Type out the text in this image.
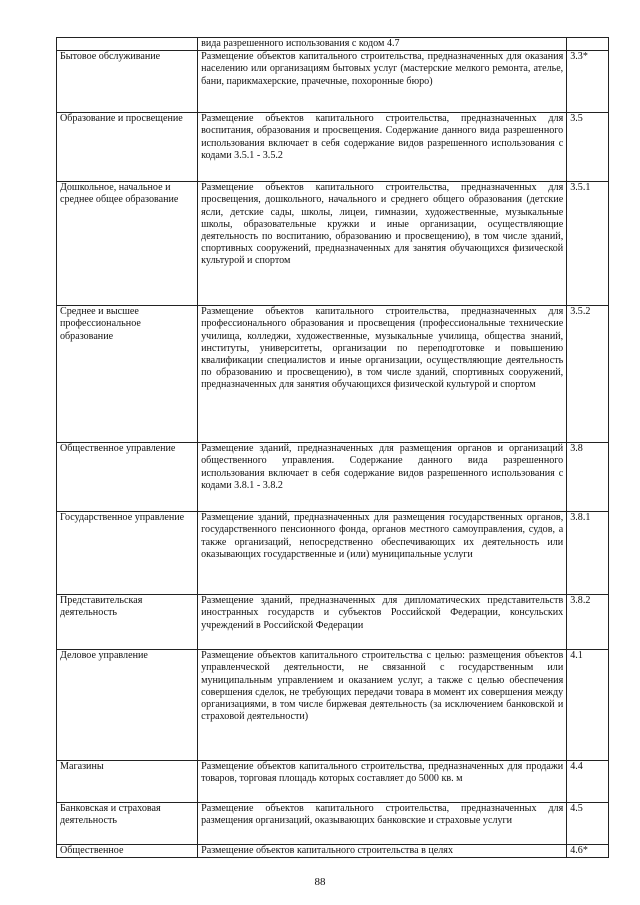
	вида разрешенного использования с кодом 4.7	
Бытовое обслуживание	Размещение объектов капитального строительства, предназначенных для оказания населению или организациям бытовых услуг (мастерские мелкого ремонта, ателье, бани, парикмахерские, прачечные, похоронные бюро)	3.3*
Образование и просвещение	Размещение объектов капитального строительства, предназначенных для воспитания, образования и просвещения. Содержание данного вида разрешенного использования включает в себя содержание видов разрешенного использования с кодами 3.5.1 - 3.5.2	3.5
Дошкольное, начальное и среднее общее образование	Размещение объектов капитального строительства, предназначенных для просвещения, дошкольного, начального и среднего общего образования (детские ясли, детские сады, школы, лицеи, гимназии, художественные, музыкальные школы, образовательные кружки и иные организации, осуществляющие деятельность по воспитанию, образованию и просвещению), в том числе зданий, спортивных сооружений, предназначенных для занятия обучающихся физической культурой и спортом	3.5.1
Среднее и высшее профессиональное образование	Размещение объектов капитального строительства, предназначенных для профессионального образования и просвещения (профессиональные технические училища, колледжи, художественные, музыкальные училища, общества знаний, институты, университеты, организации по переподготовке и повышению квалификации специалистов и иные организации, осуществляющие деятельность по образованию и просвещению), в том числе зданий, спортивных сооружений, предназначенных для занятия обучающихся физической культурой и спортом	3.5.2
Общественное управление	Размещение зданий, предназначенных для размещения органов и организаций общественного управления. Содержание данного вида разрешенного использования включает в себя содержание видов разрешенного использования с кодами 3.8.1 - 3.8.2	3.8
Государственное управление	Размещение зданий, предназначенных для размещения государственных органов, государственного пенсионного фонда, органов местного самоуправления, судов, а также организаций, непосредственно обеспечивающих их деятельность или оказывающих государственные и (или) муниципальные услуги	3.8.1
Представительская деятельность	Размещение зданий, предназначенных для дипломатических представительств иностранных государств и субъектов Российской Федерации, консульских учреждений в Российской Федерации	3.8.2
Деловое управление	Размещение объектов капитального строительства с целью: размещения объектов управленческой деятельности, не связанной с государственным или муниципальным управлением и оказанием услуг, а также с целью обеспечения совершения сделок, не требующих передачи товара в момент их совершения между организациями, в том числе биржевая деятельность (за исключением банковской и страховой деятельности)	4.1
Магазины	Размещение объектов капитального строительства, предназначенных для продажи товаров, торговая площадь которых составляет до 5000 кв. м	4.4
Банковская и страховая деятельность	Размещение объектов капитального строительства, предназначенных для размещения организаций, оказывающих банковские и страховые услуги	4.5
Общественное	Размещение объектов капитального строительства в целях	4.6*
88
